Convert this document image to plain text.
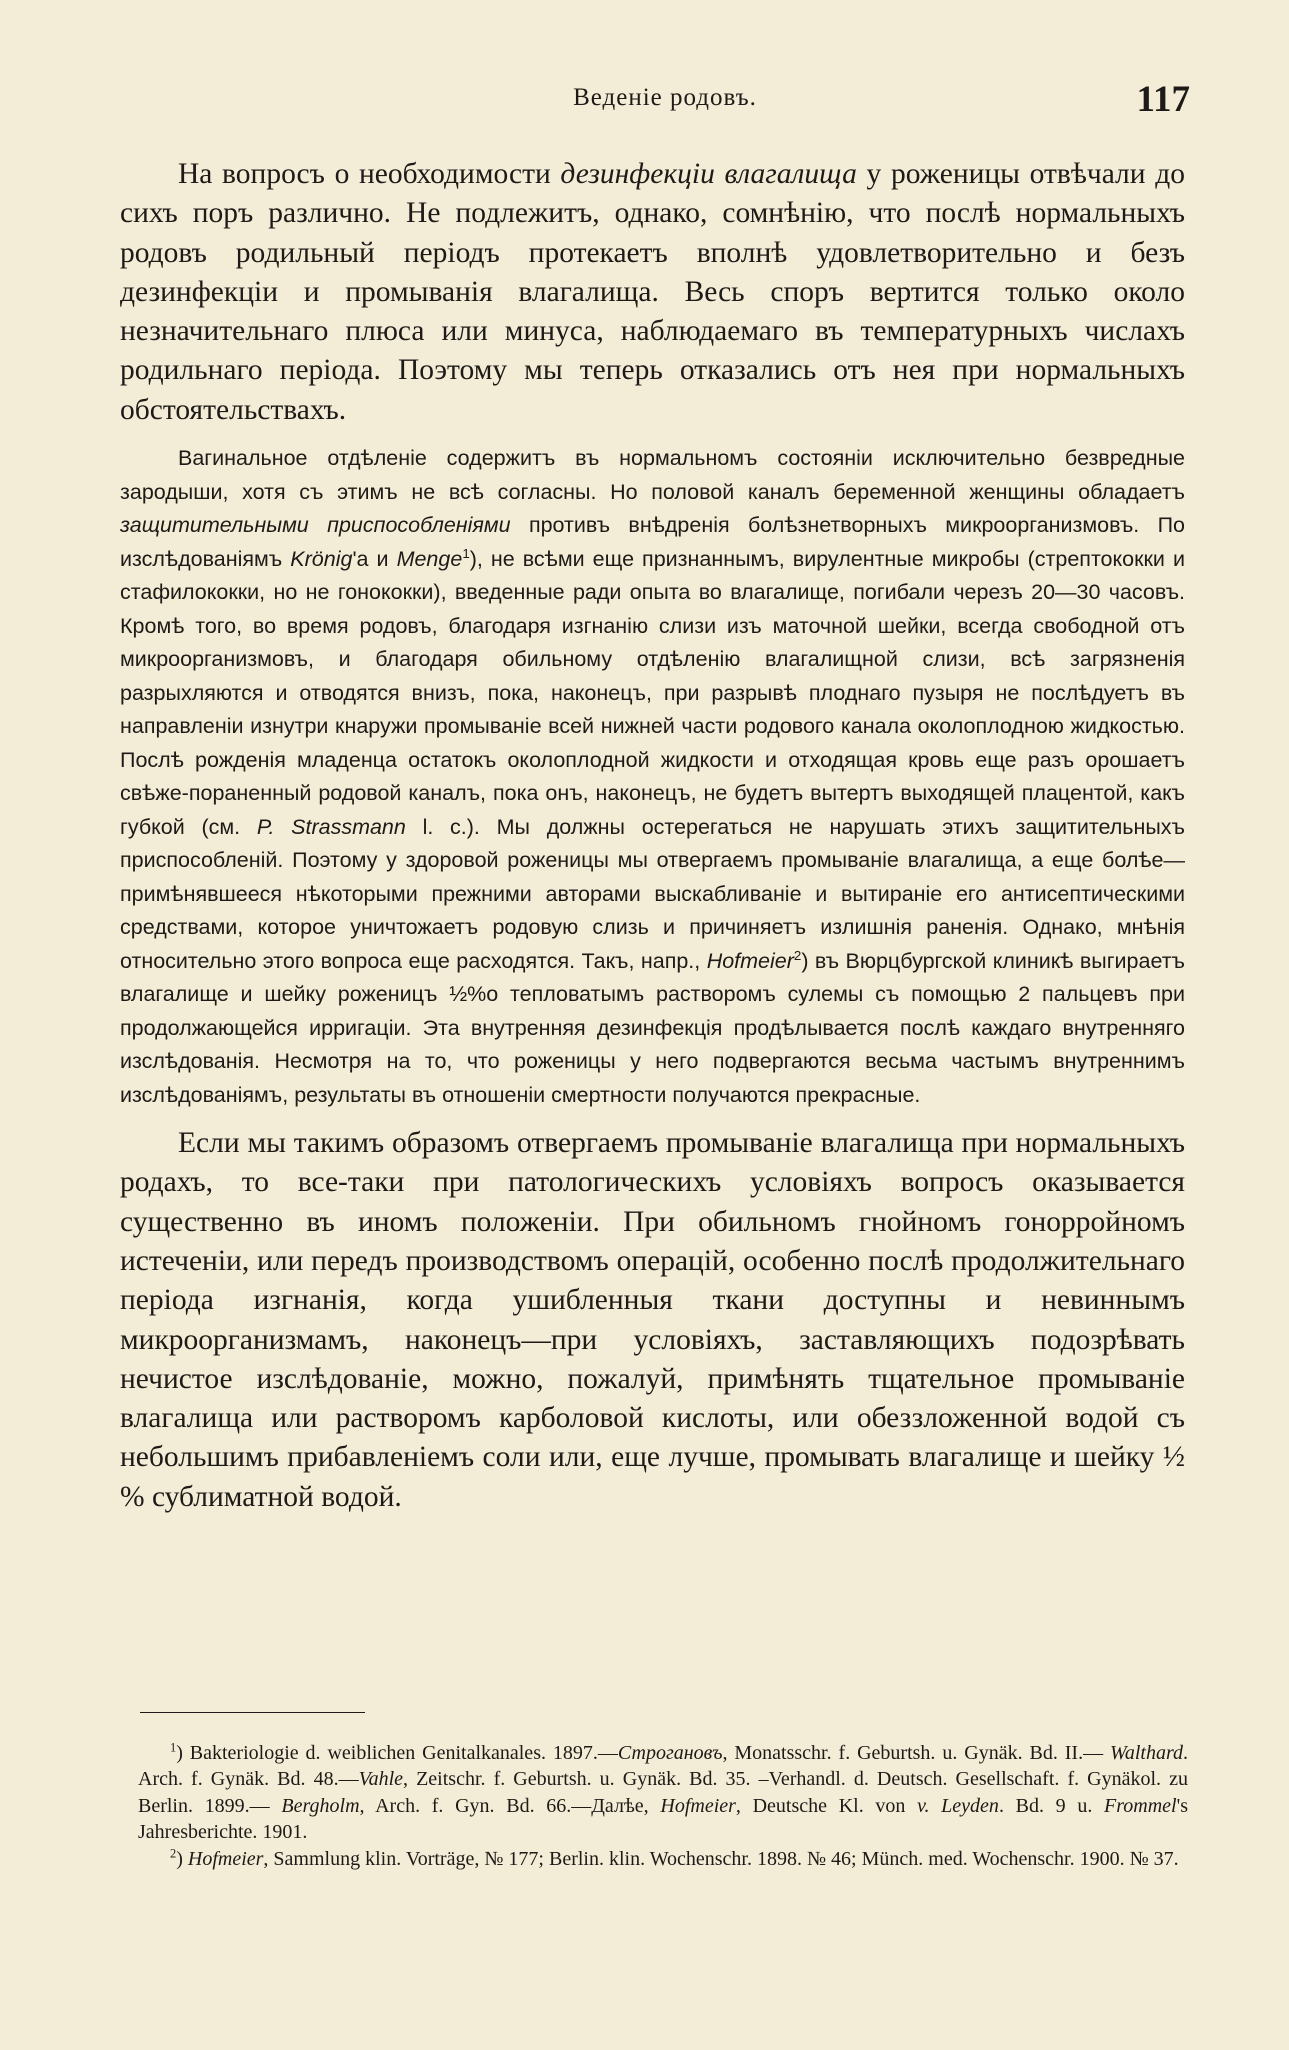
Веденiе родовъ.	117

На вопросъ о необходимости дезинфекцiи влагалища у роженицы отвѣчали до сихъ поръ различно. Не подлежитъ, однако, сомнѣнiю, что послѣ нормальныхъ родовъ родильный перiодъ протекаетъ вполнѣ удовлетворительно и безъ дезинфекцiи и промыванiя влагалища. Весь споръ вертится только около незначительнаго плюса или минуса, наблюдаемаго въ температурныхъ числахъ родильнаго перiода. Поэтому мы теперь отказались отъ нея при нормальныхъ обстоятельствахъ.

Вагинальное отдѣленiе содержитъ въ нормальномъ состоянiи исключительно безвредные зародыши, хотя съ этимъ не всѣ согласны. Но половой каналъ беременной женщины обладаетъ защитительными приспособленiями противъ внѣдренiя болѣзнетворныхъ микроорганизмовъ. По изслѣдованiямъ Krönig'а и Menge$^1$), не всѣми еще признаннымъ, вирулентные микробы (стрептококки и стафилококки, но не гонококки), введенные ради опыта во влагалище, погибали черезъ 20—30 часовъ. Кромѣ того, во время родовъ, благодаря изгнанiю слизи изъ маточной шейки, всегда свободной отъ микроорганизмовъ, и благодаря обильному отдѣленiю влагалищной слизи, всѣ загрязненiя разрыхляются и отводятся внизъ, пока, наконецъ, при разрывѣ плоднаго пузыря не послѣдуетъ въ направленiи изнутри кнаружи промыванiе всей нижней части родового канала околоплодною жидкостью. Послѣ рожденiя младенца остатокъ околоплодной жидкости и отходящая кровь еще разъ орошаетъ свѣже-пораненный родовой каналъ, пока онъ, наконецъ, не будетъ вытертъ выходящей плацентой, какъ губкой (см. P. Strassmann l. c.). Мы должны остерегаться не нарушать этихъ защитительныхъ приспособленiй. Поэтому у здоровой роженицы мы отвергаемъ промыванiе влагалища, а еще болѣе—примѣнявшееся нѣкоторыми прежними авторами выскабливанiе и вытиранiе его антисептическими средствами, которое уничтожаетъ родовую слизь и причиняетъ излишнiя раненiя. Однако, мнѣнiя относительно этого вопроса еще расходятся. Такъ, напр., Hofmeier$^2$) въ Вюрцбургской клиникѣ выгираетъ влагалище и шейку роженицъ ½%о тепловатымъ растворомъ сулемы съ помощью 2 пальцевъ при продолжающейся ирригацiи. Эта внутренняя дезинфекцiя продѣлывается послѣ каждаго внутренняго изслѣдованiя. Несмотря на то, что роженицы у него подвергаются весьма частымъ внутреннимъ изслѣдованiямъ, результаты въ отношенiи смертности получаются прекрасные.

Если мы такимъ образомъ отвергаемъ промыванiе влагалища при нормальныхъ родахъ, то все-таки при патологическихъ условiяхъ вопросъ оказывается существенно въ иномъ положенiи. При обильномъ гнойномъ гонорройномъ истеченiи, или передъ производствомъ операцiй, особенно послѣ продолжительнаго перiода изгнанiя, когда ушибленныя ткани доступны и невиннымъ микроорганизмамъ, наконецъ—при условiяхъ, заставляющихъ подозрѣвать нечистое изслѣдованiе, можно, пожалуй, примѣнять тщательное промыванiе влагалища или растворомъ карболовой кислоты, или обеззложенной водой съ небольшимъ прибавленiемъ соли или, еще лучше, промывать влагалище и шейку ½ % сублиматной водой.

$^1$) Bakteriologie d. weiblichen Genitalkanales. 1897.—Строгановъ, Monatsschr. f. Geburtsh. u. Gynäk. Bd. II.— Walthard. Arch. f. Gynäk. Bd. 48.—Vahle, Zeitschr. f. Geburtsh. u. Gynäk. Bd. 35. –Verhandl. d. Deutsch. Gesellschaft. f. Gynäkol. zu Berlin. 1899.— Bergholm, Arch. f. Gyn. Bd. 66.—Далѣе, Hofmeier, Deutsche Kl. von v. Leyden. Bd. 9 u. Frommel's Jahresberichte. 1901.

$^2$) Hofmeier, Sammlung klin. Vorträge, № 177; Berlin. klin. Wochenschr. 1898. № 46; Münch. med. Wochenschr. 1900. № 37.
